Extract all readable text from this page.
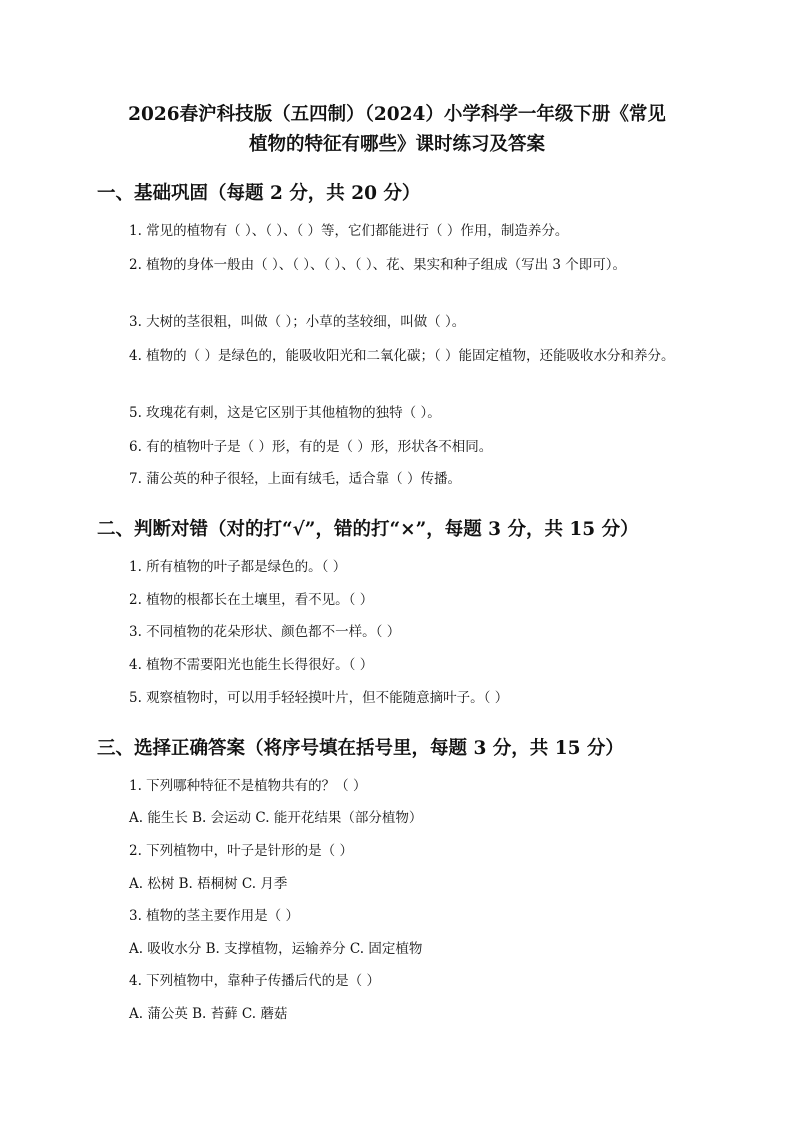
2026春沪科技版（五四制）（2024）小学科学一年级下册《常见
植物的特征有哪些》课时练习及答案
一、基础巩固（每题 2 分，共 20 分）

1. 常见的植物有（ ）、（ ）、（ ）等，它们都能进行（ ）作用，制造养分。

2. 植物的身体一般由（ ）、（ ）、（ ）、（ ）、花、果实和种子组成（写出 3 个即可）。

3. 大树的茎很粗，叫做（ ）；小草的茎较细，叫做（ ）。

4. 植物的（ ）是绿色的，能吸收阳光和二氧化碳；（ ）能固定植物，还能吸收水分和养分。

5. 玫瑰花有刺，这是它区别于其他植物的独特（ ）。

6. 有的植物叶子是（ ）形，有的是（ ）形，形状各不相同。

7. 蒲公英的种子很轻，上面有绒毛，适合靠（ ）传播。

二、判断对错（对的打“√”，错的打“×”，每题 3 分，共 15 分）

1. 所有植物的叶子都是绿色的。（ ）

2. 植物的根都长在土壤里，看不见。（ ）

3. 不同植物的花朵形状、颜色都不一样。（ ）

4. 植物不需要阳光也能生长得很好。（ ）

5. 观察植物时，可以用手轻轻摸叶片，但不能随意摘叶子。（ ）

三、选择正确答案（将序号填在括号里，每题 3 分，共 15 分）

1. 下列哪种特征不是植物共有的？（ ）

A. 能生长 B. 会运动 C. 能开花结果（部分植物）

2. 下列植物中，叶子是针形的是（ ）

A. 松树 B. 梧桐树 C. 月季

3. 植物的茎主要作用是（ ）

A. 吸收水分 B. 支撑植物，运输养分 C. 固定植物

4. 下列植物中，靠种子传播后代的是（ ）

A. 蒲公英 B. 苔藓 C. 蘑菇
